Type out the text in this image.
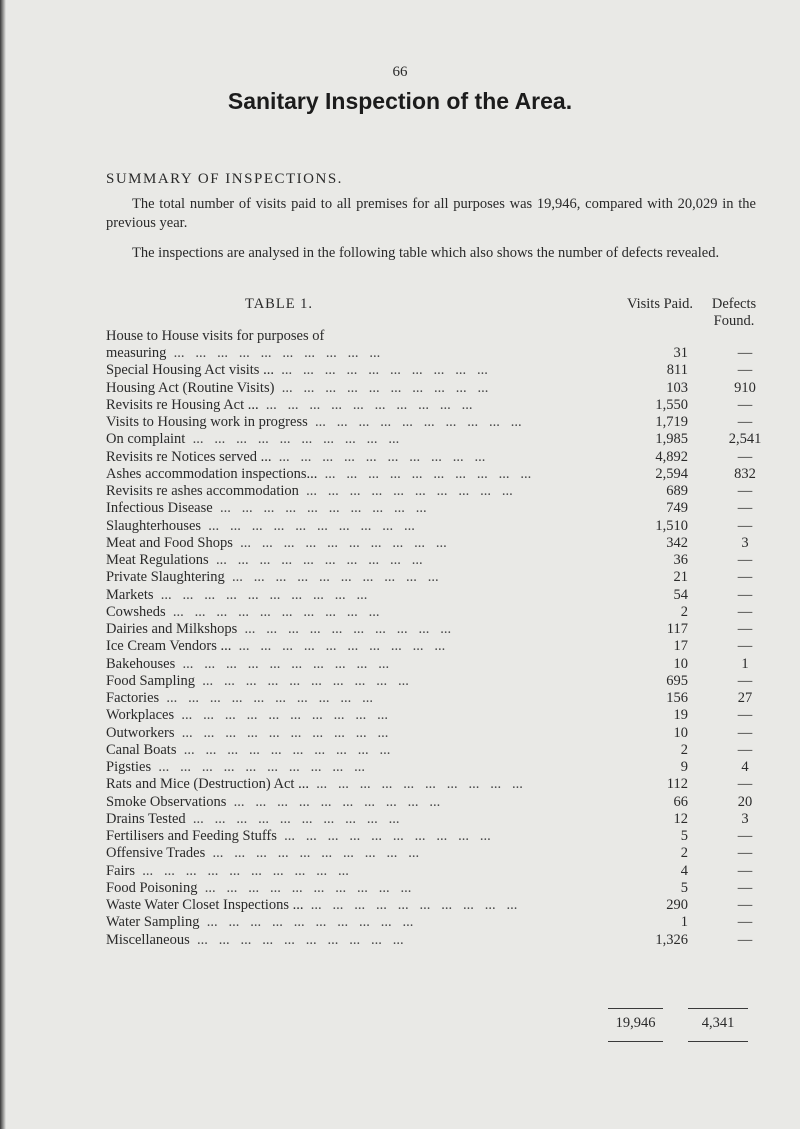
66
Sanitary Inspection of the Area.
SUMMARY OF INSPECTIONS.

The total number of visits paid to all premises for all purposes was 19,946, compared with 20,029 in the previous year.

The inspections are analysed in the following table which also shows the number of defects revealed.

TABLE 1.	Visits Paid.	Defects Found.
House to House visits for purposes of
measuring ...	31	—
Special Housing Act visits ... ...	811	—
Housing Act (Routine Visits) ...	103	910
Revisits re Housing Act ... ...	1,550	—
Visits to Housing work in progress ...	1,719	—
On complaint ...	1,985	2,541
Revisits re Notices served ... ...	4,892	—
Ashes accommodation inspections... ...	2,594	832
Revisits re ashes accommodation ...	689	—
Infectious Disease ...	749	—
Slaughterhouses ...	1,510	—
Meat and Food Shops ...	342	3
Meat Regulations ...	36	—
Private Slaughtering ...	21	—
Markets ...	54	—
Cowsheds ...	2	—
Dairies and Milkshops ...	117	—
Ice Cream Vendors ... ...	17	—
Bakehouses ...	10	1
Food Sampling ...	695	—
Factories ...	156	27
Workplaces ...	19	—
Outworkers ...	10	—
Canal Boats ...	2	—
Pigsties ...	9	4
Rats and Mice (Destruction) Act ... ...	112	—
Smoke Observations ...	66	20
Drains Tested ...	12	3
Fertilisers and Feeding Stuffs ...	5	—
Offensive Trades ...	2	—
Fairs ...	4	—
Food Poisoning ...	5	—
Waste Water Closet Inspections ... ...	290	—
Water Sampling ...	1	—
Miscellaneous ...	1,326	—
19,946	4,341
